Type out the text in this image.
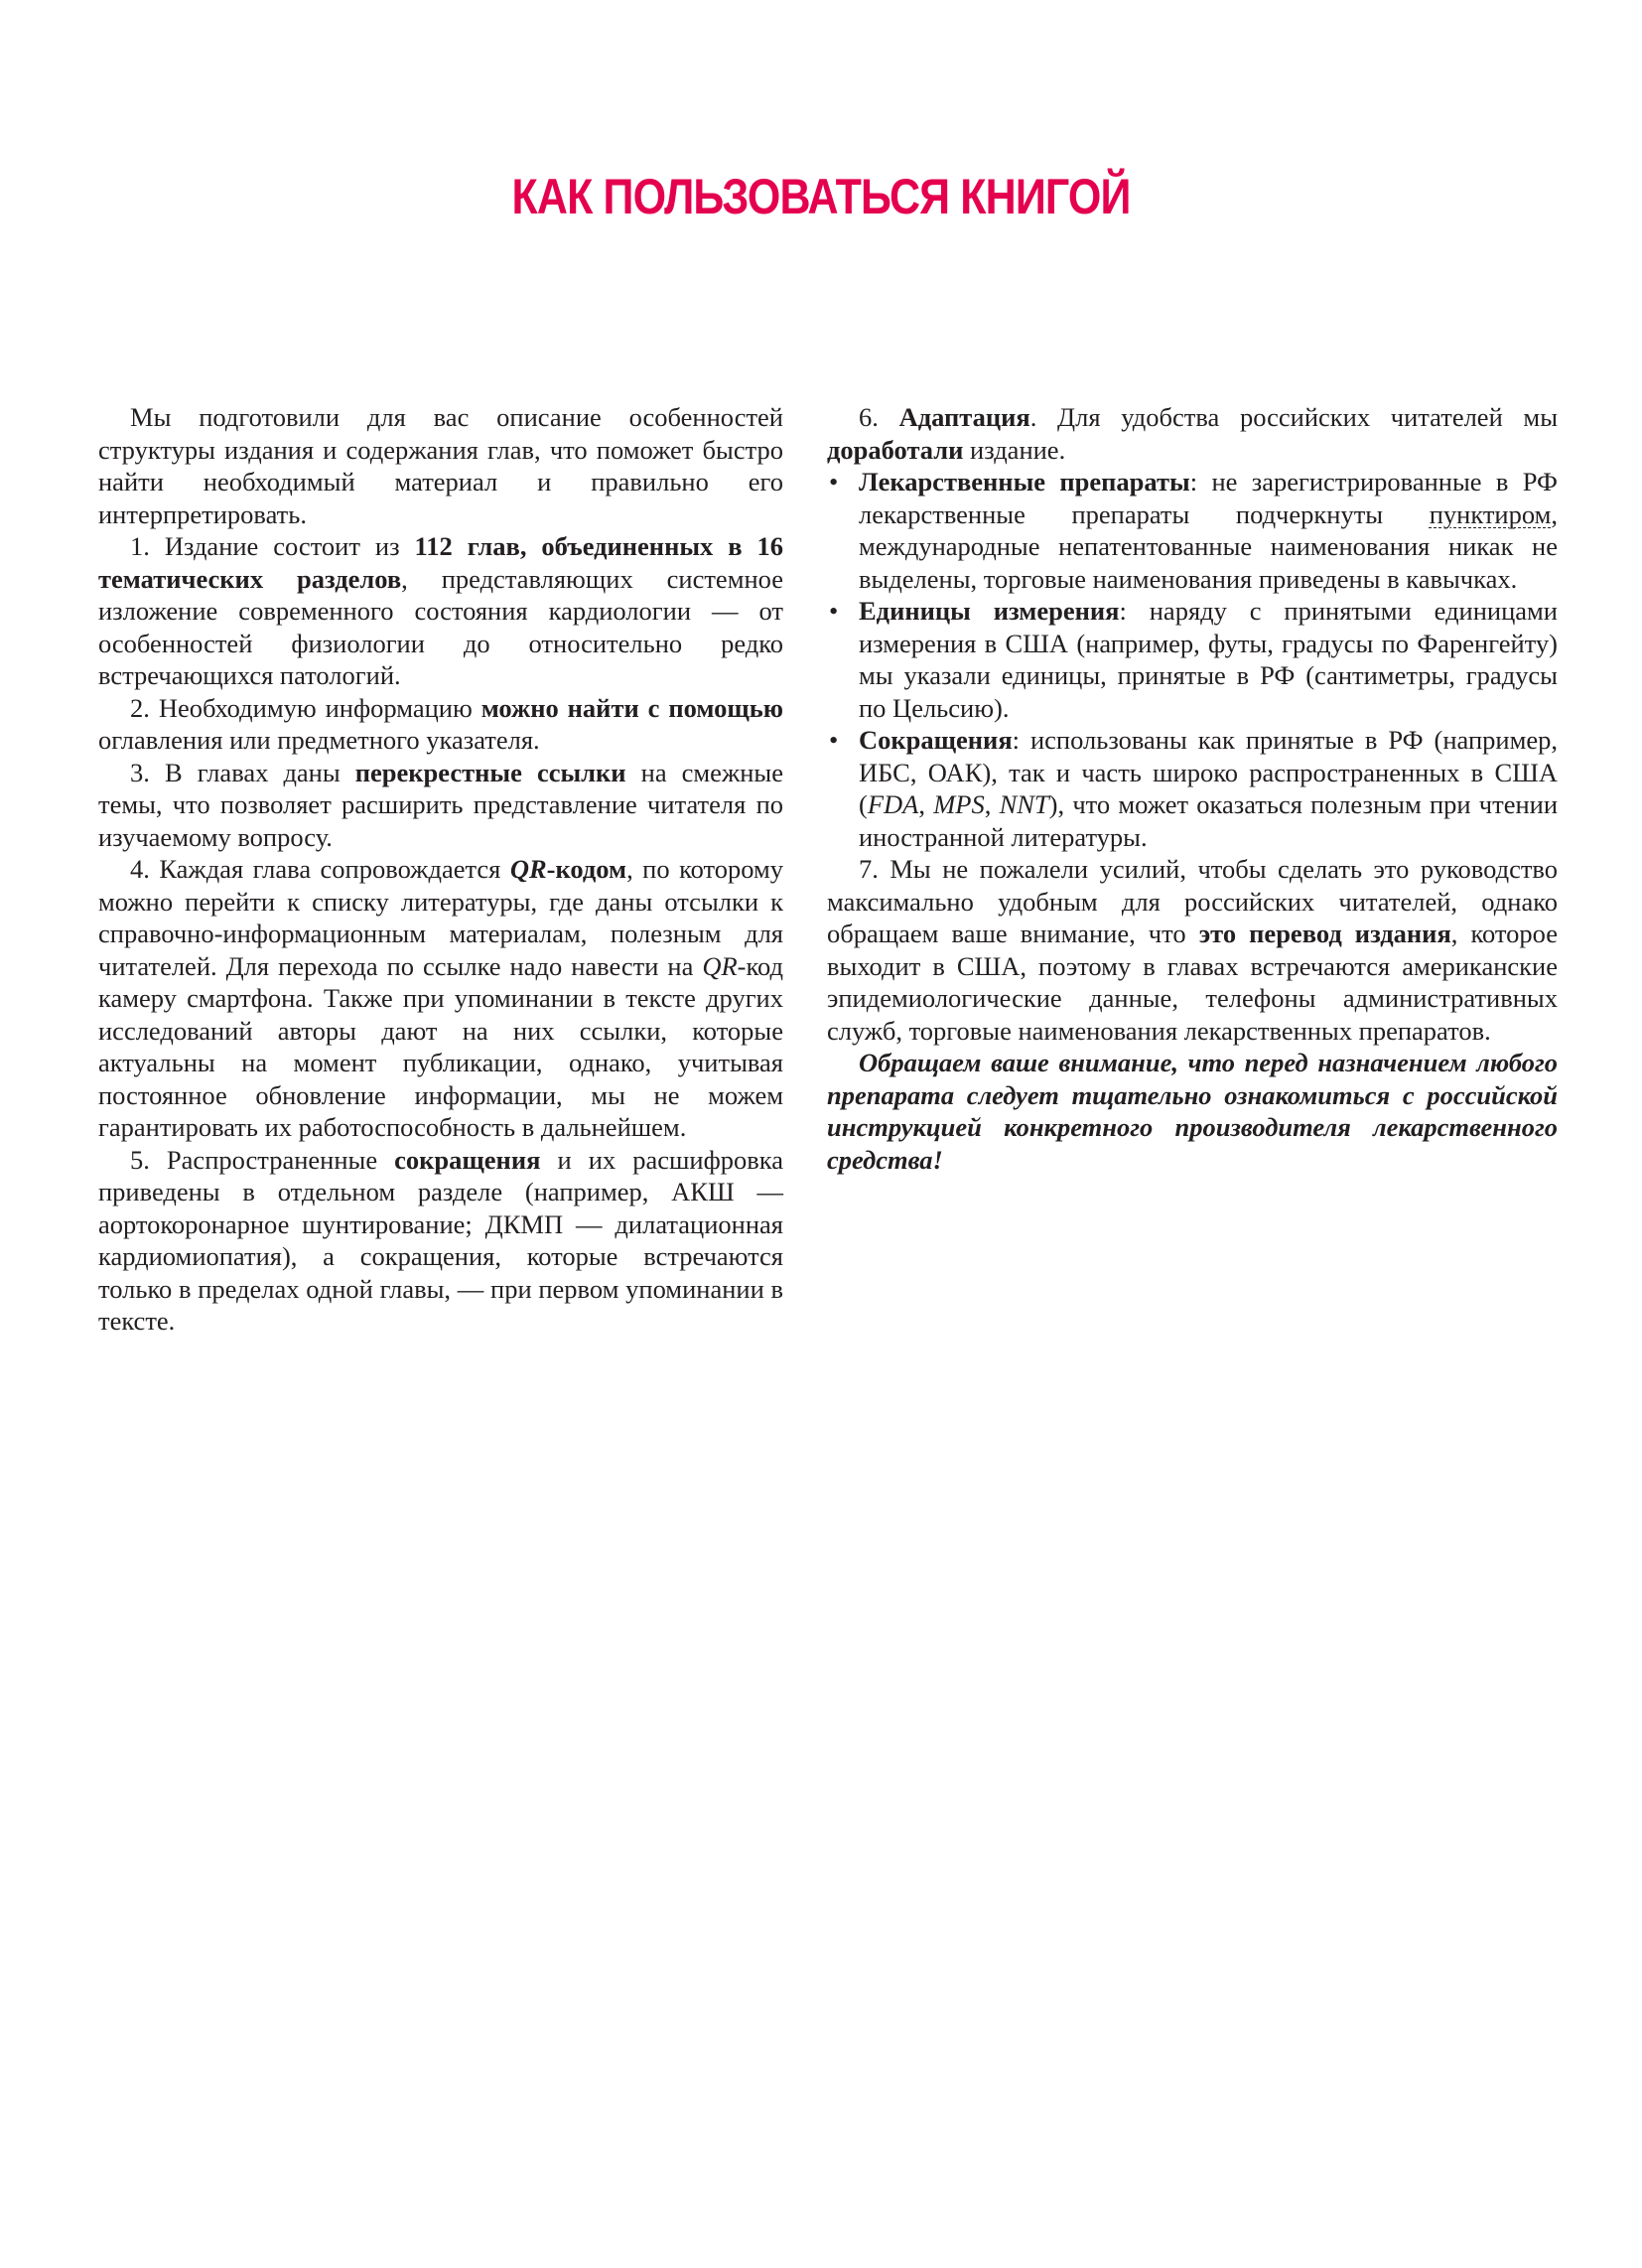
КАК ПОЛЬЗОВАТЬСЯ КНИГОЙ

Мы подготовили для вас описание особенностей структуры издания и содержания глав, что поможет быстро найти необходимый материал и правильно его интерпретировать.

1. Издание состоит из 112 глав, объединенных в 16 тематических разделов, представляющих системное изложение современного состояния кардиологии — от особенностей физиологии до относительно редко встречающихся патологий.

2. Необходимую информацию можно найти с помощью оглавления или предметного указателя.

3. В главах даны перекрестные ссылки на смежные темы, что позволяет расширить представление читателя по изучаемому вопросу.

4. Каждая глава сопровождается QR-кодом, по которому можно перейти к списку литературы, где даны отсылки к справочно-информационным материалам, полезным для читателей. Для перехода по ссылке надо навести на QR-код камеру смартфона. Также при упоминании в тексте других исследований авторы дают на них ссылки, которые актуальны на момент публикации, однако, учитывая постоянное обновление информации, мы не можем гарантировать их работоспособность в дальнейшем.

5. Распространенные сокращения и их расшифровка приведены в отдельном разделе (например, АКШ — аортокоронарное шунтирование; ДКМП — дилатационная кардиомиопатия), а сокращения, которые встречаются только в пределах одной главы, — при первом упоминании в тексте.

6. Адаптация. Для удобства российских читателей мы доработали издание.

• Лекарственные препараты: не зарегистрированные в РФ лекарственные препараты подчеркнуты пунктиром, международные непатентованные наименования никак не выделены, торговые наименования приведены в кавычках.
• Единицы измерения: наряду с принятыми единицами измерения в США (например, футы, градусы по Фаренгейту) мы указали единицы, принятые в РФ (сантиметры, градусы по Цельсию).
• Сокращения: использованы как принятые в РФ (например, ИБС, ОАК), так и часть широко распространенных в США (FDA, MPS, NNT), что может оказаться полезным при чтении иностранной литературы.

7. Мы не пожалели усилий, чтобы сделать это руководство максимально удобным для российских читателей, однако обращаем ваше внимание, что это перевод издания, которое выходит в США, поэтому в главах встречаются американские эпидемиологические данные, телефоны административных служб, торговые наименования лекарственных препаратов.

Обращаем ваше внимание, что перед назначением любого препарата следует тщательно ознакомиться с российской инструкцией конкретного производителя лекарственного средства!
